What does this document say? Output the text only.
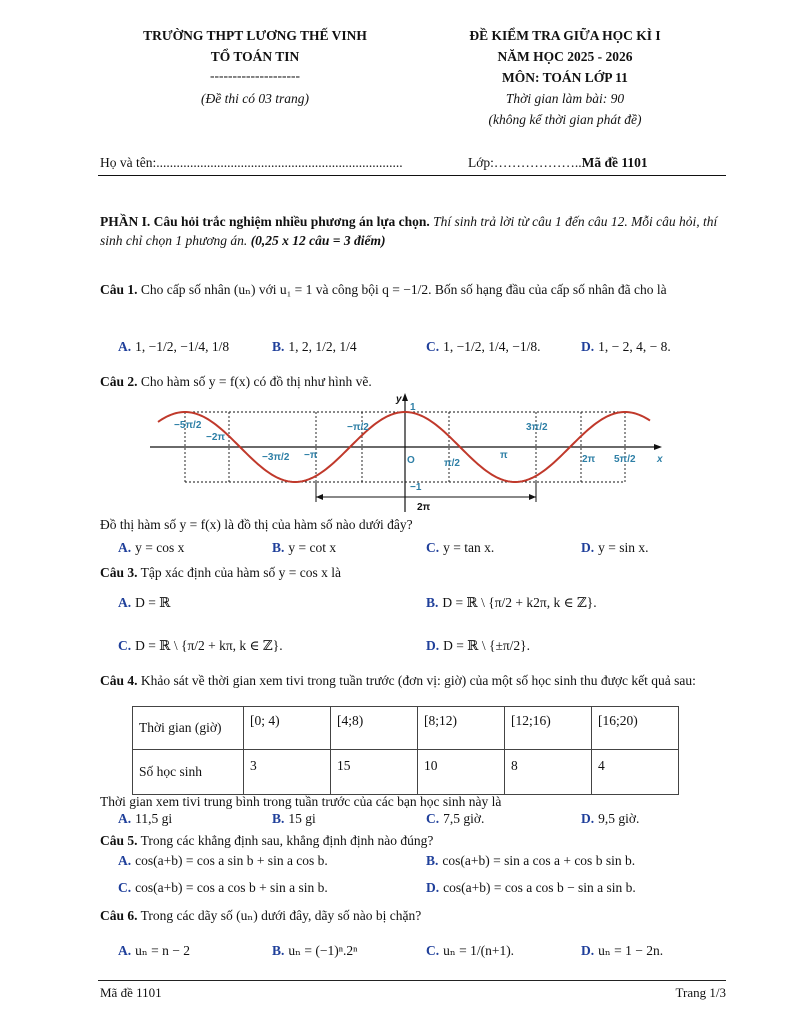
TRƯỜNG THPT LƯƠNG THẾ VINH
TỔ TOÁN TIN
--------------------
(Đề thi có 03 trang)
ĐỀ KIỂM TRA GIỮA HỌC KÌ I
NĂM HỌC 2025 - 2026
MÔN: TOÁN LỚP 11
Thời gian làm bài: 90
(không kể thời gian phát đề)
Họ và tên:.........................................................................	Lớp:………………..Mã đề 1101
PHẦN I. Câu hỏi trắc nghiệm nhiều phương án lựa chọn. Thí sinh trả lời từ câu 1 đến câu 12. Mỗi câu hỏi, thí sinh chỉ chọn 1 phương án. (0,25 x 12 câu = 3 điểm)
Câu 1. Cho cấp số nhân (uₙ) với u₁ = 1 và công bội q = −1/2. Bốn số hạng đầu của cấp số nhân đã cho là
A. 1, −1/2, −1/4, 1/8	B. 1, 2, 1/2, 1/4	C. 1, −1/2, 1/4, −1/8.	D. 1, − 2, 4, − 8.
Câu 2. Cho hàm số y = f(x) có đồ thị như hình vẽ.
y
x
O
1
−1
−5π/2
−2π
−3π/2 −π
−π/2
π/2
π
3π/2
2π 5π/2
2π
Đồ thị hàm số y = f(x) là đồ thị của hàm số nào dưới đây?
A. y = cos x	B. y = cot x	C. y = tan x.	D. y = sin x.
Câu 3. Tập xác định của hàm số y = cos x là
A. D = ℝ	B. D = ℝ \ {π/2 + k2π, k ∈ ℤ}.
C. D = ℝ \ {π/2 + kπ, k ∈ ℤ}.	D. D = ℝ \ {±π/2}.
Câu 4. Khảo sát về thời gian xem tivi trong tuần trước (đơn vị: giờ) của một số học sinh thu được kết quả sau:
Thời gian (giờ)	[0; 4)	[4;8)	[8;12)	[12;16)	[16;20)
Số học sinh	3	15	10	8	4
Thời gian xem tivi trung bình trong tuần trước của các bạn học sinh này là
A. 11,5 gi	B. 15 gi	C. 7,5 giờ.	D. 9,5 giờ.
Câu 5. Trong các khẳng định sau, khẳng định định nào đúng?
A. cos(a+b) = cos a sin b + sin a cos b.	B. cos(a+b) = sin a cos a + cos b sin b.
C. cos(a+b) = cos a cos b + sin a sin b.	D. cos(a+b) = cos a cos b − sin a sin b.
Câu 6. Trong các dãy số (uₙ) dưới đây, dãy số nào bị chặn?
A. uₙ = n − 2	B. uₙ = (−1)ⁿ.2ⁿ	C. uₙ = 1/(n+1).	D. uₙ = 1 − 2n.
Mã đề 1101	Trang 1/3
